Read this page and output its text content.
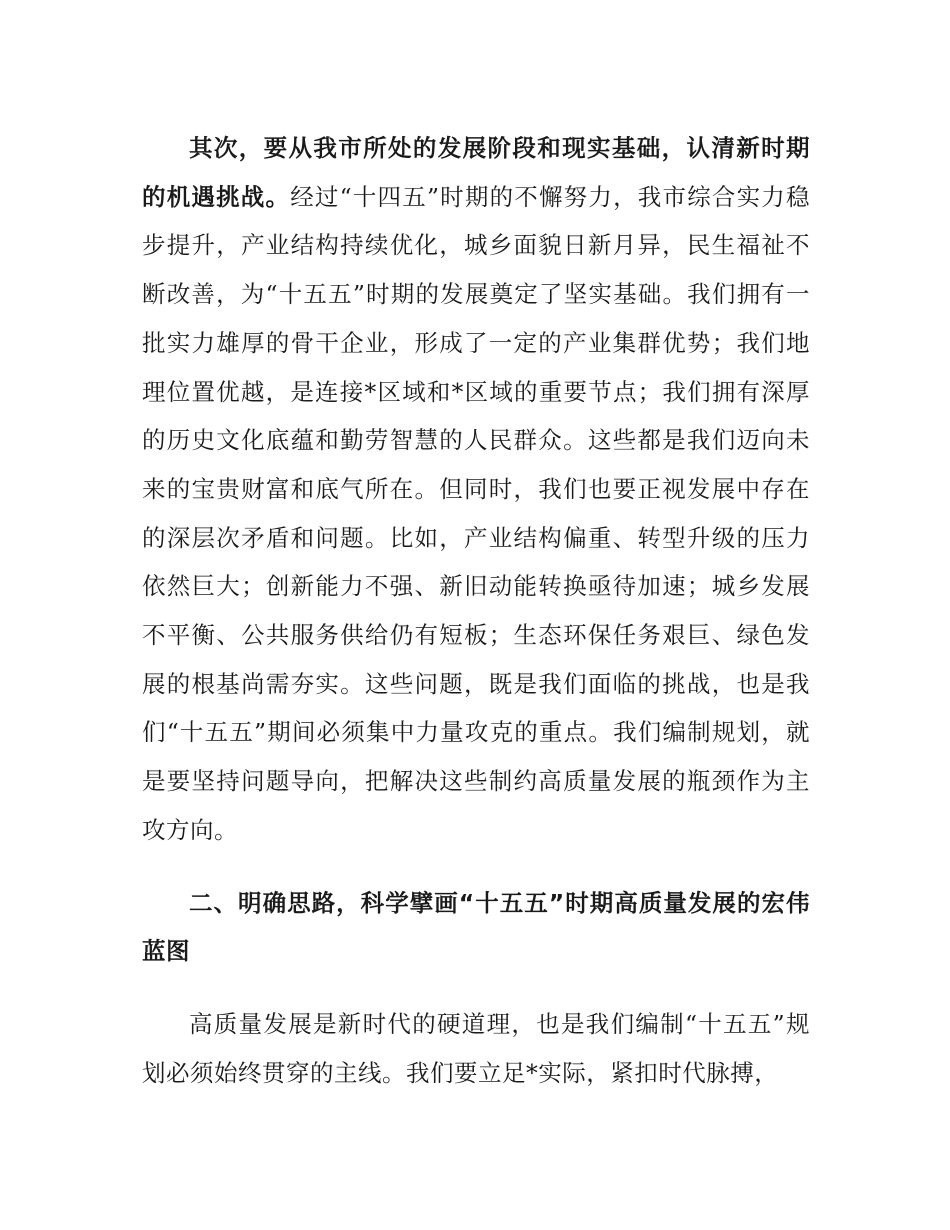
其次，要从我市所处的发展阶段和现实基础，认清新时期的机遇挑战。经过“十四五”时期的不懈努力，我市综合实力稳步提升，产业结构持续优化，城乡面貌日新月异，民生福祉不断改善，为“十五五”时期的发展奠定了坚实基础。我们拥有一批实力雄厚的骨干企业，形成了一定的产业集群优势；我们地理位置优越，是连接*区域和*区域的重要节点；我们拥有深厚的历史文化底蕴和勤劳智慧的人民群众。这些都是我们迈向未来的宝贵财富和底气所在。但同时，我们也要正视发展中存在的深层次矛盾和问题。比如，产业结构偏重、转型升级的压力依然巨大；创新能力不强、新旧动能转换亟待加速；城乡发展不平衡、公共服务供给仍有短板；生态环保任务艰巨、绿色发展的根基尚需夯实。这些问题，既是我们面临的挑战，也是我们“十五五”期间必须集中力量攻克的重点。我们编制规划，就是要坚持问题导向，把解决这些制约高质量发展的瓶颈作为主攻方向。

二、明确思路，科学擘画“十五五”时期高质量发展的宏伟蓝图

高质量发展是新时代的硬道理，也是我们编制“十五五”规划必须始终贯穿的主线。我们要立足*实际，紧扣时代脉搏，
